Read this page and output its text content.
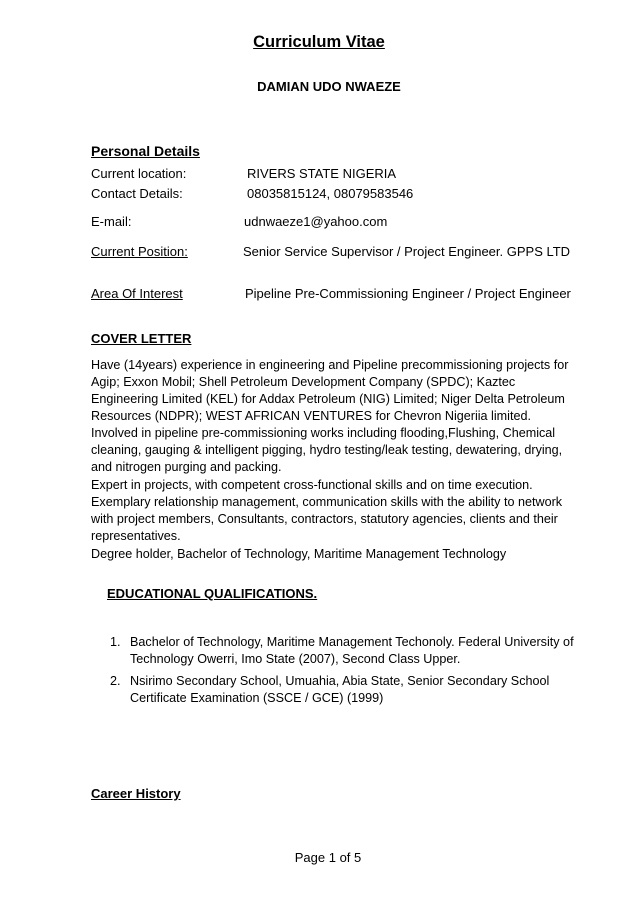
Curriculum Vitae
DAMIAN UDO NWAEZE
Personal Details
Current location:	RIVERS STATE NIGERIA
Contact Details:	08035815124, 08079583546
E-mail:	udnwaeze1@yahoo.com
Current Position:	Senior Service Supervisor / Project Engineer. GPPS LTD
Area Of Interest	Pipeline Pre-Commissioning Engineer / Project Engineer
COVER LETTER

Have (14years) experience in engineering and Pipeline precommissioning projects for Agip; Exxon Mobil; Shell Petroleum Development Company (SPDC); Kaztec Engineering Limited (KEL) for Addax Petroleum (NIG) Limited; Niger Delta Petroleum Resources (NDPR); WEST AFRICAN VENTURES for Chevron Nigeriia limited. Involved in pipeline pre-commissioning works including flooding,Flushing, Chemical cleaning, gauging & intelligent pigging, hydro testing/leak testing, dewatering, drying, and nitrogen purging and packing.

Expert in projects, with competent cross-functional skills and on time execution. Exemplary relationship management, communication skills with the ability to network with project members, Consultants, contractors, statutory agencies, clients and their representatives.

Degree holder, Bachelor of Technology, Maritime Management Technology

EDUCATIONAL QUALIFICATIONS.
1. Bachelor of Technology, Maritime Management Techonoly. Federal University of Technology Owerri, Imo State (2007), Second Class Upper.
2. Nsirimo Secondary School, Umuahia, Abia State, Senior Secondary School Certificate Examination (SSCE / GCE) (1999)
Career History
Page 1 of 5
